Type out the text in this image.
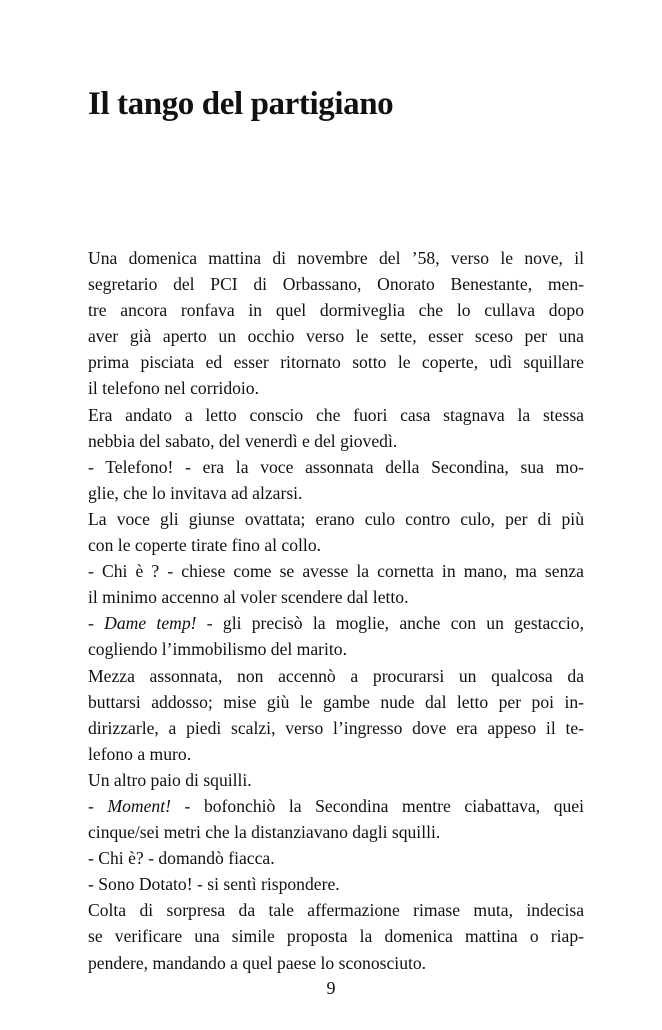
Il tango del partigiano
Una domenica mattina di novembre del ’58, verso le nove, il
segretario del PCI di Orbassano, Onorato Benestante, men-
tre ancora ronfava in quel dormiveglia che lo cullava dopo
aver già aperto un occhio verso le sette, esser sceso per una
prima pisciata ed esser ritornato sotto le coperte, udì squillare
il telefono nel corridoio.
Era andato a letto conscio che fuori casa stagnava la stessa
nebbia del sabato, del venerdì e del giovedì.
- Telefono! - era la voce assonnata della Secondina, sua mo-
glie, che lo invitava ad alzarsi.
La voce gli giunse ovattata; erano culo contro culo, per di più
con le coperte tirate fino al collo.
- Chi è ? - chiese come se avesse la cornetta in mano, ma senza
il minimo accenno al voler scendere dal letto.
- Dame temp! - gli precisò la moglie, anche con un gestaccio,
cogliendo l’immobilismo del marito.
Mezza assonnata, non accennò a procurarsi un qualcosa da
buttarsi addosso; mise giù le gambe nude dal letto per poi in-
dirizzarle, a piedi scalzi, verso l’ingresso dove era appeso il te-
lefono a muro.
Un altro paio di squilli.
- Moment! - bofonchiò la Secondina mentre ciabattava, quei
cinque/sei metri che la distanziavano dagli squilli.
- Chi è? - domandò fiacca.
- Sono Dotato! - si sentì rispondere.
Colta di sorpresa da tale affermazione rimase muta, indecisa
se verificare una simile proposta la domenica mattina o riap-
pendere, mandando a quel paese lo sconosciuto.
9
